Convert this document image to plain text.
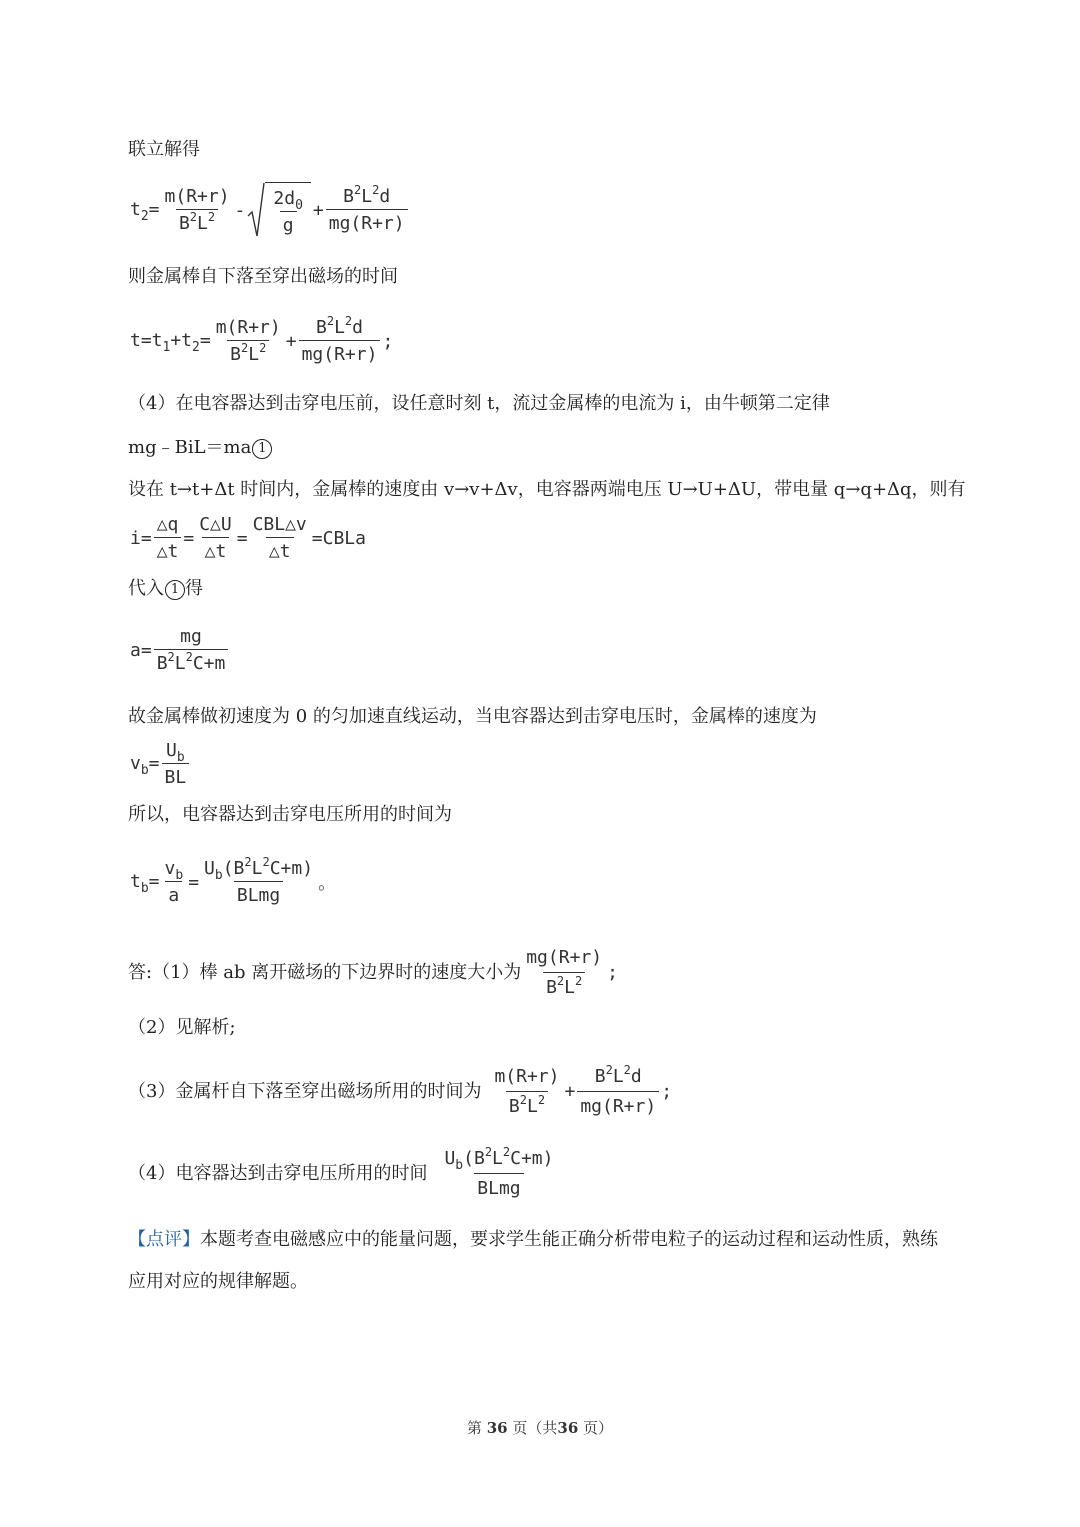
联立解得
$t_2= \frac{m(R+r)}{B^2L^2} - \frac{2d_0}{g} + \frac{B^2L^2d}{mg(R+r)}$
则金属棒自下落至穿出磁场的时间
$t=t_1+t_2= \frac{m(R+r)}{B^2L^2} + \frac{B^2L^2d}{mg(R+r)}$ ;
（4）在电容器达到击穿电压前，设任意时刻 t，流过金属棒的电流为 i，由牛顿第二定律
mg﹣BiL＝ma 1
设在 t→t+Δt 时间内，金属棒的速度由 v→v+Δv，电容器两端电压 U→U+ΔU，带电量 q→q+Δq，则有
$i= \frac{\triangle q}{\triangle t} = \frac{C\triangle U}{\triangle t} = \frac{\text{CBL△v}}{\triangle t}$ =CBLa
代入 1 得
$a= \frac{mg}{B^2L^2C+m}$
故金属棒做初速度为 0 的匀加速直线运动，当电容器达到击穿电压时，金属棒的速度为
$v_b= \frac{U_b}{BL}$
所以，电容器达到击穿电压所用的时间为
$t_b= \frac{v_b}{a} = \frac{U_b(B^2L^2C+m)}{\text{BLmg}}$ 。
答:（1）棒 ab 离开磁场的下边界时的速度大小为 $\frac{mg(R+r)}{B^2L^2}$ ;
（2）见解析;
（3）金属杆自下落至穿出磁场所用的时间为 $\frac{m(R+r)}{B^2L^2} + \frac{B^2L^2d}{mg(R+r)}$ ;
（4）电容器达到击穿电压所用的时间 $\frac{U_b(B^2L^2C+m)}{\text{BLmg}}$
【点评】本题考查电磁感应中的能量问题，要求学生能正确分析带电粒子的运动过程和运动性质，熟练
应用对应的规律解题。
第 36 页（共36 页）
